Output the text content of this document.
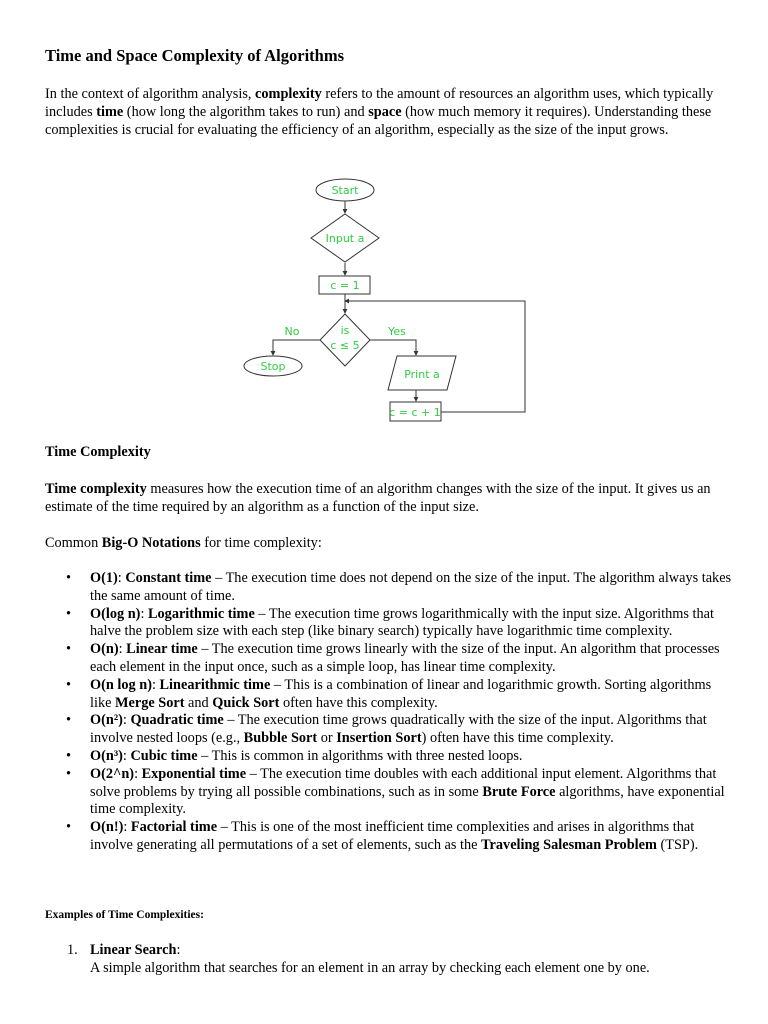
Time and Space Complexity of Algorithms

In the context of algorithm analysis, complexity refers to the amount of resources an algorithm uses, which typically includes time (how long the algorithm takes to run) and space (how much memory it requires). Understanding these complexities is crucial for evaluating the efficiency of an algorithm, especially as the size of the input grows.

Start
Input a
c = 1
is
c ≤ 5
No	Yes
Stop
Print a
c = c + 1

Time Complexity

Time complexity measures how the execution time of an algorithm changes with the size of the input. It gives us an estimate of the time required by an algorithm as a function of the input size.

Common Big-O Notations for time complexity:

• O(1): Constant time – The execution time does not depend on the size of the input. The algorithm always takes the same amount of time.
• O(log n): Logarithmic time – The execution time grows logarithmically with the input size. Algorithms that halve the problem size with each step (like binary search) typically have logarithmic time complexity.
• O(n): Linear time – The execution time grows linearly with the size of the input. An algorithm that processes each element in the input once, such as a simple loop, has linear time complexity.
• O(n log n): Linearithmic time – This is a combination of linear and logarithmic growth. Sorting algorithms like Merge Sort and Quick Sort often have this complexity.
• O(n²): Quadratic time – The execution time grows quadratically with the size of the input. Algorithms that involve nested loops (e.g., Bubble Sort or Insertion Sort) often have this time complexity.
• O(n³): Cubic time – This is common in algorithms with three nested loops.
• O(2^n): Exponential time – The execution time doubles with each additional input element. Algorithms that solve problems by trying all possible combinations, such as in some Brute Force algorithms, have exponential time complexity.
• O(n!): Factorial time – This is one of the most inefficient time complexities and arises in algorithms that involve generating all permutations of a set of elements, such as the Traveling Salesman Problem (TSP).

Examples of Time Complexities:

1. Linear Search:
A simple algorithm that searches for an element in an array by checking each element one by one.
